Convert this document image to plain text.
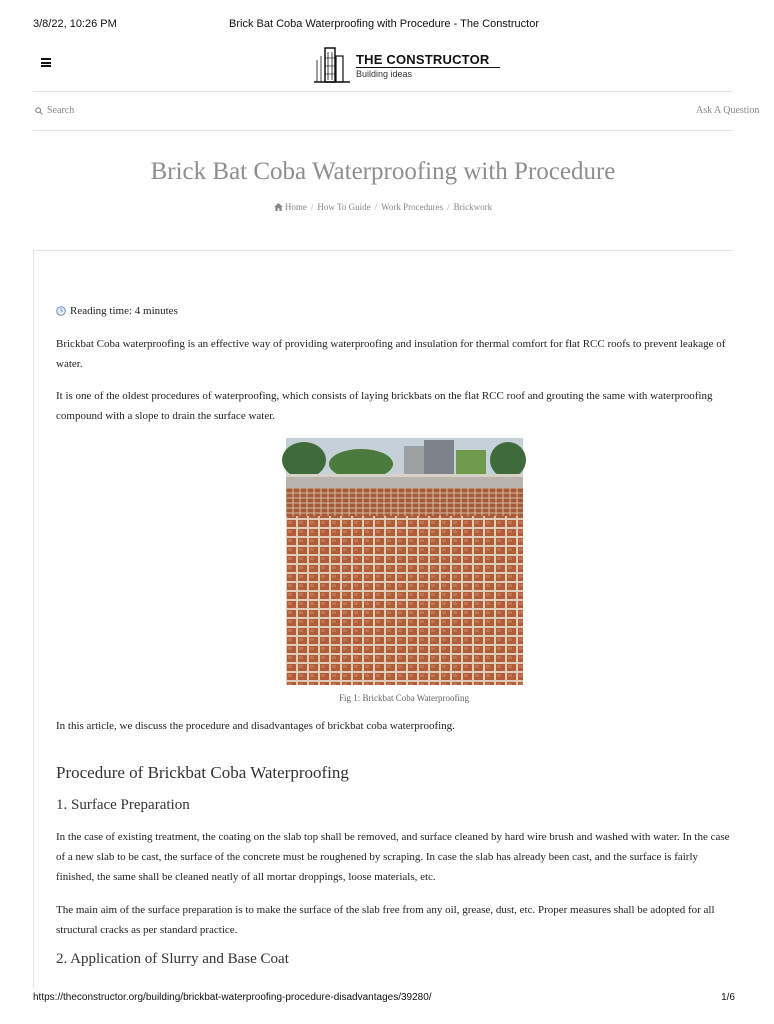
3/8/22, 10:26 PM	Brick Bat Coba Waterproofing with Procedure - The Constructor
THE CONSTRUCTOR
Building ideas
Search	Ask A Question
Brick Bat Coba Waterproofing with Procedure
Home / How To Guide / Work Procedures / Brickwork
Reading time: 4 minutes

Brickbat Coba waterproofing is an effective way of providing waterproofing and insulation for thermal comfort for flat RCC roofs to prevent leakage of water.

It is one of the oldest procedures of waterproofing, which consists of laying brickbats on the flat RCC roof and grouting the same with waterproofing compound with a slope to drain the surface water.

Fig 1: Brickbat Coba Waterproofing

In this article, we discuss the procedure and disadvantages of brickbat coba waterproofing.

Procedure of Brickbat Coba Waterproofing
1. Surface Preparation

In the case of existing treatment, the coating on the slab top shall be removed, and surface cleaned by hard wire brush and washed with water. In the case of a new slab to be cast, the surface of the concrete must be roughened by scraping. In case the slab has already been cast, and the surface is fairly finished, the same shall be cleaned neatly of all mortar droppings, loose materials, etc.

The main aim of the surface preparation is to make the surface of the slab free from any oil, grease, dust, etc. Proper measures shall be adopted for all structural cracks as per standard practice.

2. Application of Slurry and Base Coat
https://theconstructor.org/building/brickbat-waterproofing-procedure-disadvantages/39280/	1/6
